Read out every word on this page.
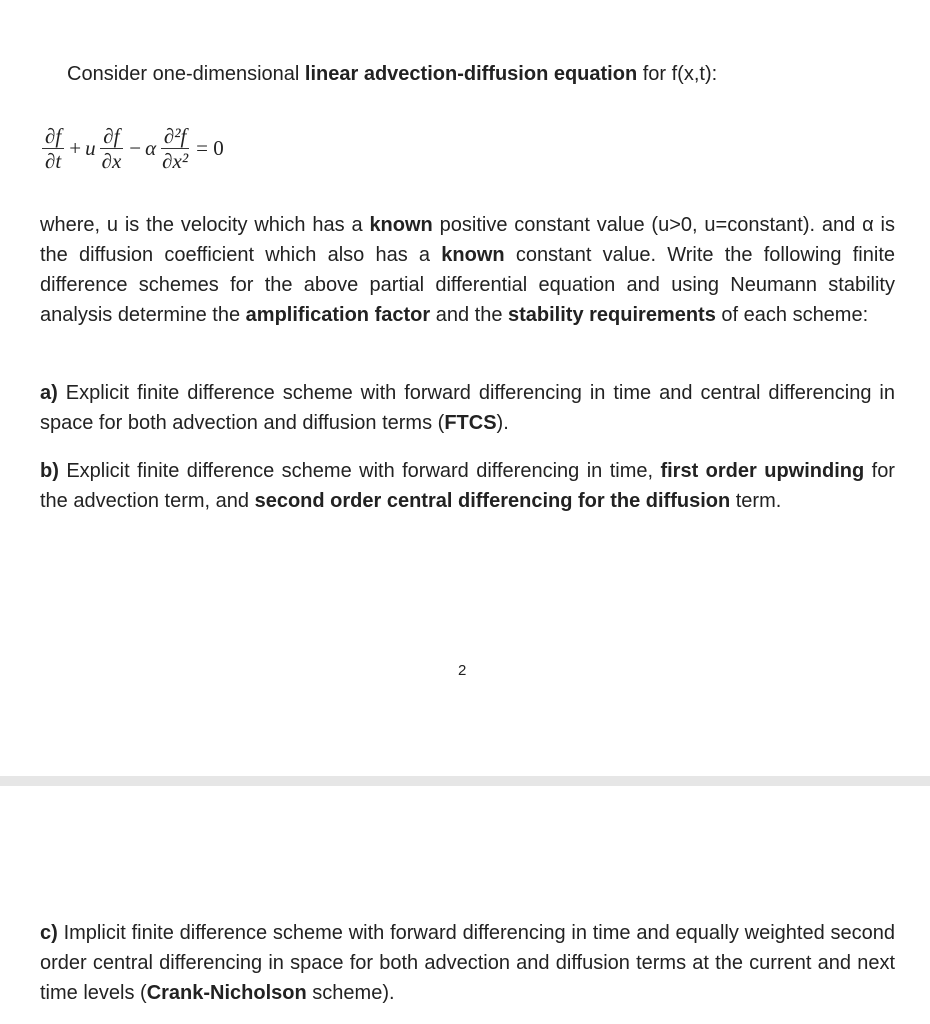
Consider one-dimensional linear advection-diffusion equation for f(x,t):
$\frac{\partial f}{\partial t} + u \frac{\partial f}{\partial x} - \alpha \frac{\text{∂²f}}{\text{∂x²}} = 0$
where, u is the velocity which has a known positive constant value (u>0, u=constant). and α is the diffusion coefficient which also has a known constant value. Write the following finite difference schemes for the above partial differential equation and using Neumann stability analysis determine the amplification factor and the stability requirements of each scheme:
a) Explicit finite difference scheme with forward differencing in time and central differencing in space for both advection and diffusion terms (FTCS).
b) Explicit finite difference scheme with forward differencing in time, first order upwinding for the advection term, and second order central differencing for the diffusion term.
2
c) Implicit finite difference scheme with forward differencing in time and equally weighted second order central differencing in space for both advection and diffusion terms at the current and next time levels (Crank-Nicholson scheme).
